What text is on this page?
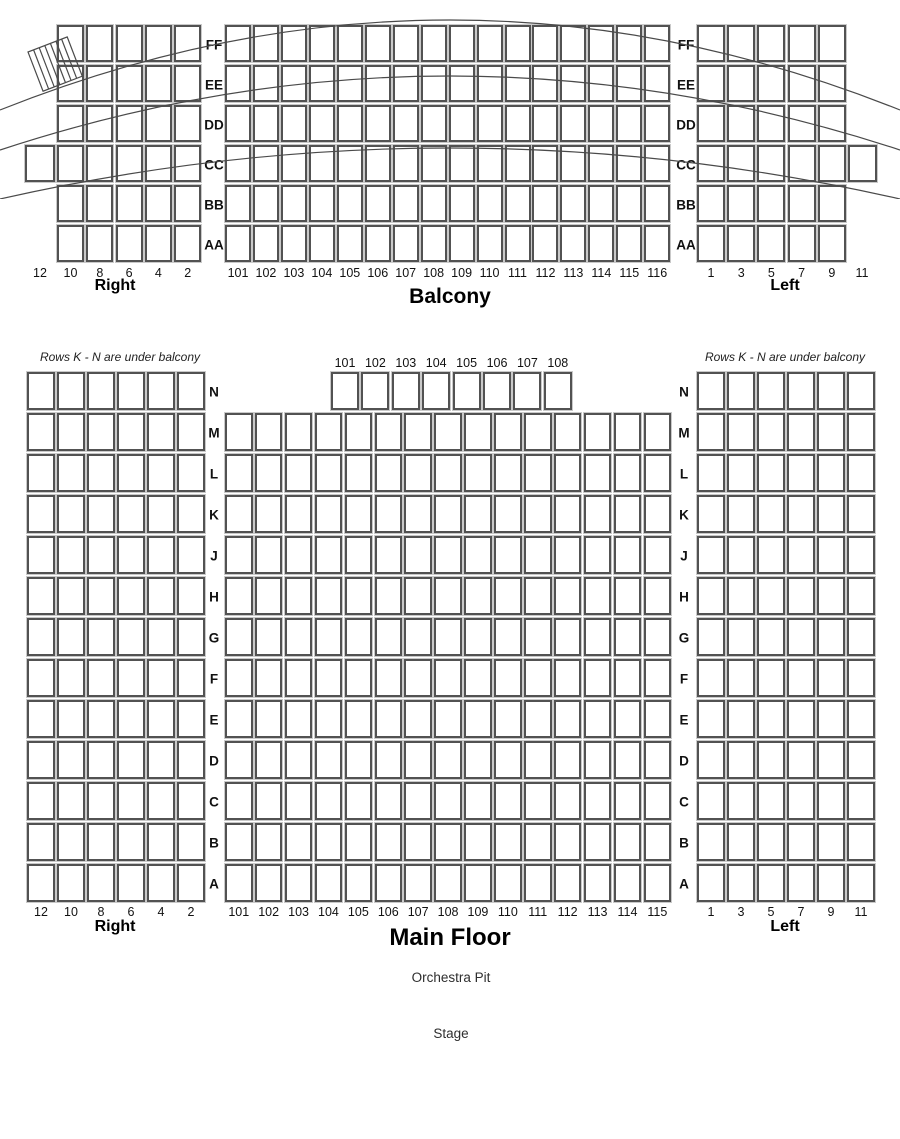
Right	Left
Balcony
Rows K - N are under balcony	Rows K - N are under balcony
Right	Left
Main Floor
FF	FF
EE	EE
DD	DD
CC	CC
BB	BB
AA	AA
12 10 8 6 4 2	101 102 103 104 105 106 107 108 109 110 111 112 113 114 115 116	1 3 5 7 9 11
N	N
M	M
L	L
K	K
J	J
H	H
G	G
F	F
E	E
D	D
C	C
B	B
A	A
101 102 103 104 105 106 107 108
12 10 8 6 4 2	101 102 103 104 105 106 107 108 109 110 111 112 113 114 115	1 3 5 7 9 11
Orchestra Pit
Stage
